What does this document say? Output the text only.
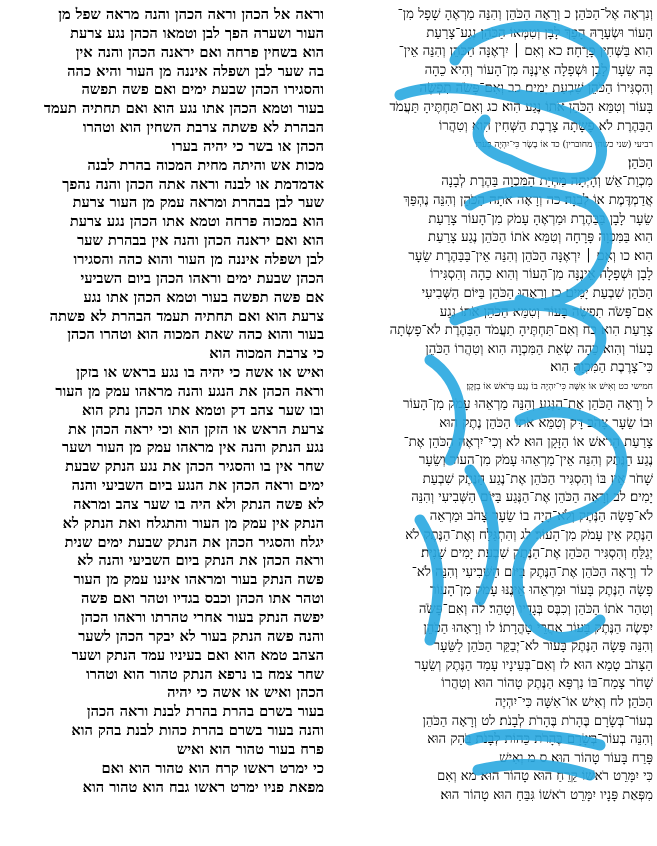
וראה אל הכהן וראה הכהן והנה מראה שפל מן
העור ושערה הפך לבן וטמאו הכהן נגע צרעת
הוא בשחין פרחה ואם יראנה הכהן והנה אין
בה שער לבן ושפלה איננה מן העור והיא כהה
והסגירו הכהן שבעת ימים ואם פשה תפשה
בעור וטמא הכהן אתו נגע הוא ואם תחתיה תעמד
הבהרת לא פשתה צרבת השחין הוא וטהרו
הכהן או בשר כי יהיה בערו
מכות אש והיתה מחית המכוה בהרת לבנה
אדמדמת או לבנה וראה אתה הכהן והנה נהפך
שער לבן בבהרת ומראה עמק מן העור צרעת
הוא במכוה פרחה וטמא אתו הכהן נגע צרעת
הוא ואם יראנה הכהן והנה אין בבהרת שער
לבן ושפלה איננה מן העור והוא כהה והסגירו
הכהן שבעת ימים וראהו הכהן ביום השביעי
אם פשה תפשה בעור וטמא הכהן אתו נגע
צרעת הוא ואם תחתיה תעמד הבהרת לא פשתה
בעור והוא כהה שאת המכוה הוא וטהרו הכהן
כי צרבת המכוה הוא
ואיש או אשה כי יהיה בו נגע בראש או בזקן
וראה הכהן את הנגע והנה מראהו עמק מן העור
ובו שער צהב דק וטמא אתו הכהן נתק הוא
צרעת הראש או הזקן הוא וכי יראה הכהן את
נגע הנתק והנה אין מראהו עמק מן העור ושער
שחר אין בו והסגיר הכהן את נגע הנתק שבעת
ימים וראה הכהן את הנגע ביום השביעי והנה
לא פשה הנתק ולא היה בו שער צהב ומראה
הנתק אין עמק מן העור והתגלח ואת הנתק לא
יגלח והסגיר הכהן את הנתק שבעת ימים שנית
וראה הכהן את הנתק ביום השביעי והנה לא
פשה הנתק בעור ומראהו איננו עמק מן העור
וטהר אתו הכהן וכבס בגדיו וטהר ואם פשה
יפשה הנתק בעור אחרי טהרתו וראהו הכהן
והנה פשה הנתק בעור לא יבקר הכהן לשער
הצהב טמא הוא ואם בעיניו עמד הנתק ושער
שחר צמח בו נרפא הנתק טהור הוא וטהרו
הכהן ואיש או אשה כי יהיה
בעור בשרם בהרת בהרת לבנת וראה הכהן
והנה בעור בשרם בהרת כהות לבנת בהק הוא
פרח בעור טהור הוא ואיש
כי ימרט ראשו קרח הוא טהור הוא ואם
מפאת פניו ימרט ראשו גבח הוא טהור הוא
וְנִרְאָה אֶל־הַכֹּהֵן׃ כ וְרָאָה הַכֹּהֵן וְהִנֵּה מַרְאֶהָ שָׁפָל מִן־
הָעוֹר וּשְׂעָרָהּ הָפַךְ לָבָן וְטִמְּאוֹ הַכֹּהֵן נֶגַע־צָרַעַת
הִוא בַּשְּׁחִין פָּרָחָה׃ כא וְאִם ׀ יִרְאֶנָּה הַכֹּהֵן וְהִנֵּה אֵין־
בָּהּ שֵׂעָר לָבָן וּשְׁפָלָה אֵינֶנָּה מִן־הָעוֹר וְהִיא כֵהָה
וְהִסְגִּירוֹ הַכֹּהֵן שִׁבְעַת יָמִים׃ כב וְאִם־פָּשֹׂה תִפְשֶׂה
בָּעוֹר וְטִמֵּא הַכֹּהֵן אֹתוֹ נֶגַע הִוא׃ כג וְאִם־תַּחְתֶּיהָ תַּעֲמֹד
הַבַּהֶרֶת לֹא פָשָׂתָה צָרֶבֶת הַשְּׁחִין הִוא וְטִהֲרוֹ
רביעי (שני כשהן מחוברין) כד אוֹ בָשָׂר כִּי־יִהְיֶה בְעֹרוֹ
הַכֹּהֵן׃
מִכְוַת־אֵשׁ וְהָיְתָה מִחְיַת הַמִּכְוָה בַּהֶרֶת לְבָנָה
אֲדַמְדֶּמֶת אוֹ לְבָנָה׃ כה וְרָאָה אֹתָהּ הַכֹּהֵן וְהִנֵּה נֶהְפַּךְ
שֵׂעָר לָבָן בַּבַּהֶרֶת וּמַרְאֶהָ עָמֹק מִן־הָעוֹר צָרַעַת
הִוא בַּמִּכְוָה פָּרָחָה וְטִמֵּא אֹתוֹ הַכֹּהֵן נֶגַע צָרַעַת
הִוא׃ כו וְאִם ׀ יִרְאֶנָּה הַכֹּהֵן וְהִנֵּה אֵין־בַּבַּהֶרֶת שֵׂעָר
לָבָן וּשְׁפָלָה אֵינֶנָּה מִן־הָעוֹר וְהִוא כֵהָה וְהִסְגִּירוֹ
הַכֹּהֵן שִׁבְעַת יָמִים׃ כז וְרָאָהוּ הַכֹּהֵן בַּיּוֹם הַשְּׁבִיעִי
אִם־פָּשֹׂה תִפְשֶׂה בָּעוֹר וְטִמֵּא הַכֹּהֵן אֹתוֹ נֶגַע
צָרַעַת הִוא׃ כח וְאִם־תַּחְתֶּיהָ תַעֲמֹד הַבַּהֶרֶת לֹא־פָשְׂתָה
בָעוֹר וְהִוא כֵהָה שְׂאֵת הַמִּכְוָה הִוא וְטִהֲרוֹ הַכֹּהֵן
כִּי־צָרֶבֶת הַמִּכְוָה הִוא׃
חמישי כט וְאִישׁ אוֹ אִשָּׁה כִּי־יִהְיֶה בוֹ נָגַע בְּרֹאשׁ אוֹ בְזָקָן׃
ל וְרָאָה הַכֹּהֵן אֶת־הַנֶּגַע וְהִנֵּה מַרְאֵהוּ עָמֹק מִן־הָעוֹר
וּבוֹ שֵׂעָר צָהֹב דָּק וְטִמֵּא אֹתוֹ הַכֹּהֵן נֶתֶק הוּא
צָרַעַת הָרֹאשׁ אוֹ הַזָּקָן הוּא׃ לא וְכִי־יִרְאֶה הַכֹּהֵן אֶת־
נֶגַע הַנֶּתֶק וְהִנֵּה אֵין־מַרְאֵהוּ עָמֹק מִן־הָעוֹר וְשֵׂעָר
שָׁחֹר אֵין בּוֹ וְהִסְגִּיר הַכֹּהֵן אֶת־נֶגַע הַנֶּתֶק שִׁבְעַת
יָמִים׃ לב וְרָאָה הַכֹּהֵן אֶת־הַנֶּגַע בַּיּוֹם הַשְּׁבִיעִי וְהִנֵּה
לֹא־פָשָׂה הַנֶּתֶק וְלֹא־הָיָה בוֹ שֵׂעָר צָהֹב וּמַרְאֵה
הַנֶּתֶק אֵין עָמֹק מִן־הָעוֹר׃ לג וְהִתְגַּלָּח וְאֶת־הַנֶּתֶק לֹא
יְגַלֵּחַ וְהִסְגִּיר הַכֹּהֵן אֶת־הַנֶּתֶק שִׁבְעַת יָמִים שֵׁנִית׃
לד וְרָאָה הַכֹּהֵן אֶת־הַנֶּתֶק בַּיּוֹם הַשְּׁבִיעִי וְהִנֵּה לֹא־
פָשָׂה הַנֶּתֶק בָּעוֹר וּמַרְאֵהוּ אֵינֶנּוּ עָמֹק מִן־הָעוֹר
וְטִהַר אֹתוֹ הַכֹּהֵן וְכִבֶּס בְּגָדָיו וְטָהֵר׃ לה וְאִם־פָּשֹׂה
יִפְשֶׂה הַנֶּתֶק בָּעוֹר אַחֲרֵי טָהֳרָתוֹ׃ לו וְרָאָהוּ הַכֹּהֵן
וְהִנֵּה פָּשָׂה הַנֶּתֶק בָּעוֹר לֹא־יְבַקֵּר הַכֹּהֵן לַשֵּׂעָר
הַצָּהֹב טָמֵא הוּא׃ לז וְאִם־בְּעֵינָיו עָמַד הַנֶּתֶק וְשֵׂעָר
שָׁחֹר צָמַח־בּוֹ נִרְפָּא הַנֶּתֶק טָהוֹר הוּא וְטִהֲרוֹ
הַכֹּהֵן׃ לח וְאִישׁ אוֹ־אִשָּׁה כִּי־יִהְיֶה
בְעוֹר־בְּשָׂרָם בֶּהָרֹת בֶּהָרֹת לְבָנֹת׃ לט וְרָאָה הַכֹּהֵן
וְהִנֵּה בְעוֹר־בְּשָׂרָם בֶּהָרֹת כֵּהוֹת לְבָנֹת בֹּהַק הוּא
פָּרַח בָּעוֹר טָהוֹר הוּא׃ ס מ וְאִישׁ
כִּי יִמָּרֵט רֹאשׁוֹ קֵרֵחַ הוּא טָהוֹר הוּא׃ מא וְאִם
מִפְּאַת פָּנָיו יִמָּרֵט רֹאשׁוֹ גִּבֵּחַ הוּא טָהוֹר הוּא׃
